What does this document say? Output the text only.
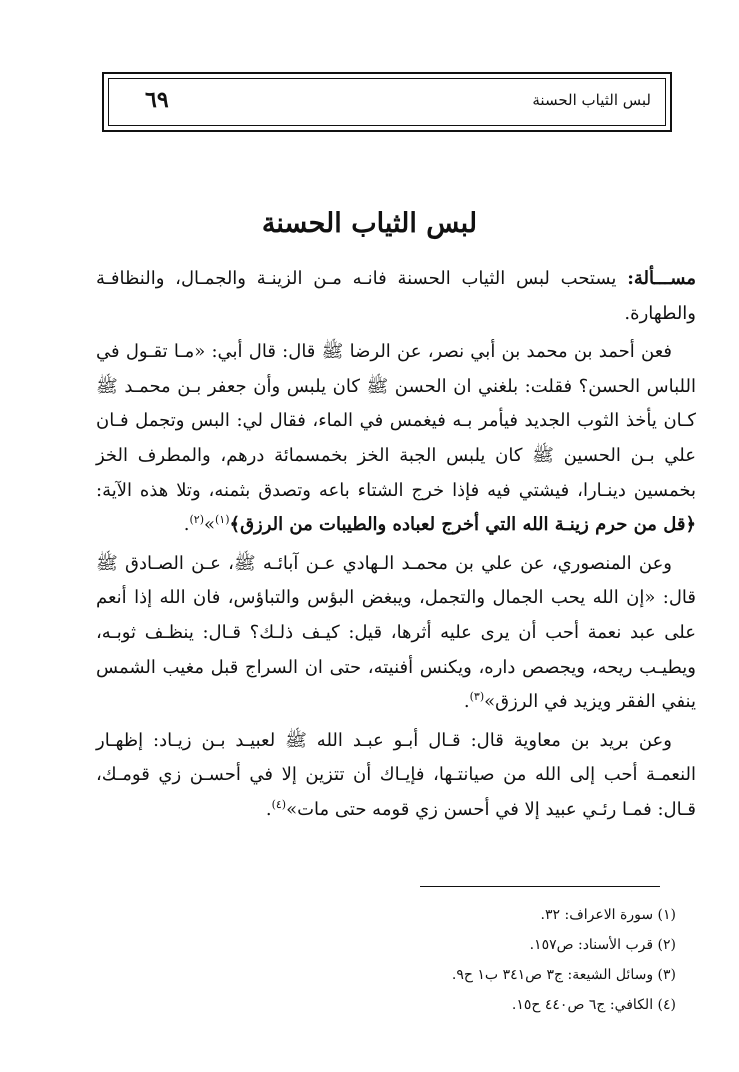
٦٩	لبس الثياب الحسنة
لبس الثياب الحسنة

مســـألة: يستحب لبس الثياب الحسنة فانـه مـن الزينـة والجمـال، والنظافـة والطهارة.

فعن أحمد بن محمد بن أبي نصر، عن الرضا ﷺ قال: قال أبي: «مـا تقـول في اللباس الحسن؟ فقلت: بلغني ان الحسن ﷺ كان يلبس وأن جعفر بـن محمـد ﷺ كـان يأخذ الثوب الجديد فيأمر بـه فيغمس في الماء، فقال لي: البس وتجمل فـان علي بـن الحسين ﷺ كان يلبس الجبة الخز بخمسمائة درهم، والمطرف الخز بخمسين دينـارا، فيشتي فيه فإذا خرج الشتاء باعه وتصدق بثمنه، وتلا هذه الآية: ﴿قل من حرم زينـة الله التي أخرج لعباده والطيبات من الرزق﴾$^{(١)}$»$^{(٢)}$.

وعن المنصوري، عن علي بن محمـد الـهادي عـن آبائـه ﷺ، عـن الصـادق ﷺ قال: «إن الله يحب الجمال والتجمل، ويبغض البؤس والتباؤس، فان الله إذا أنعم على عبد نعمة أحب أن يرى عليه أثرها، قيل: كيـف ذلـك؟ قـال: ينظـف ثوبـه، ويطيـب ريحه، ويجصص داره، ويكنس أفنيته، حتى ان السراج قبل مغيب الشمس ينفي الفقر ويزيد في الرزق»$^{(٣)}$.

وعن بريد بن معاوية قال: قـال أبـو عبـد الله ﷺ لعبيـد بـن زيـاد: إظهـار النعمـة أحب إلى الله من صيانتـها، فإيـاك أن تتزين إلا في أحسـن زي قومـك، قـال: فمـا رئـي عبيد إلا في أحسن زي قومه حتى مات»$^{(٤)}$.

(١) سورة الاعراف: ٣٢.
(٢) قرب الأسناد: ص١٥٧.
(٣) وسائل الشيعة: ج٣ ص٣٤١ ب١ ح٩.
(٤) الكافي: ج٦ ص٤٤٠ ح١٥.
